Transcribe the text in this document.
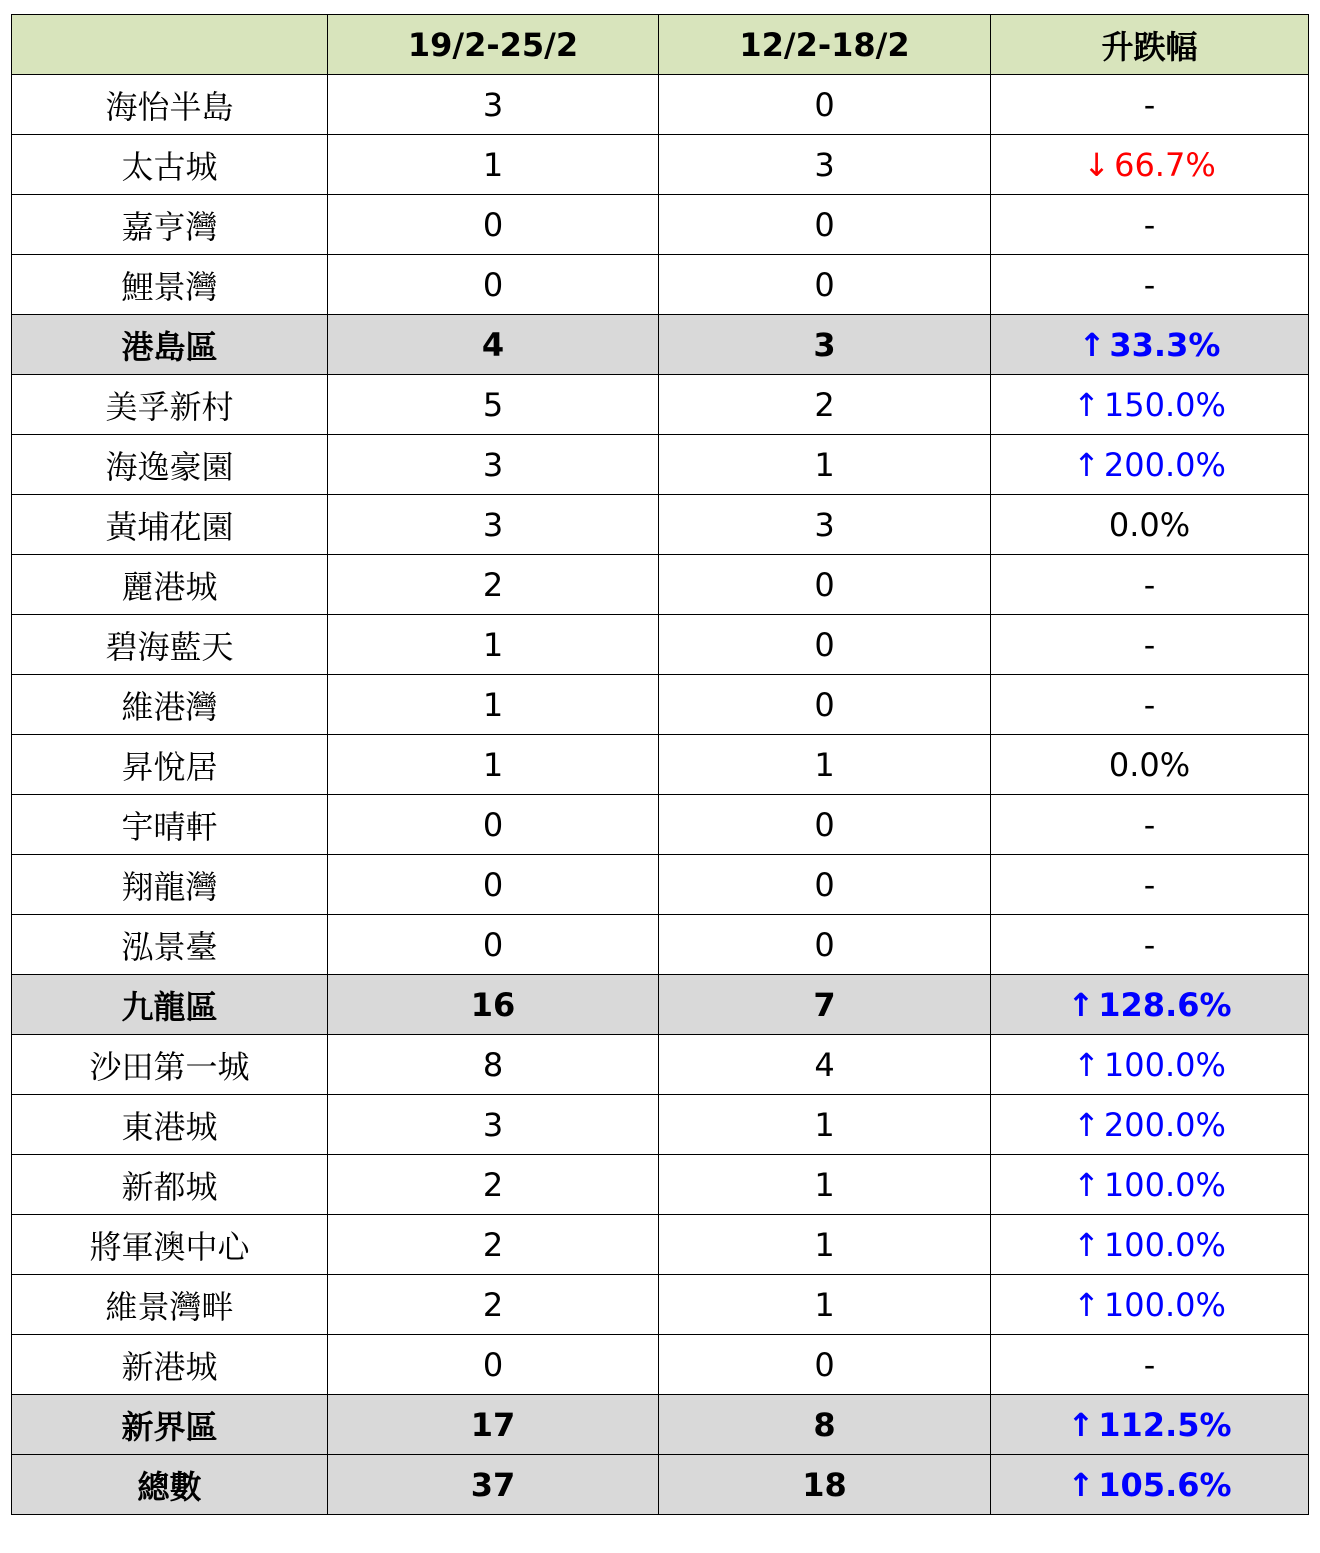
	19/2-25/2	12/2-18/2	升跌幅
海怡半島	3	0	-
太古城	1	3	↓ 66.7%
嘉亨灣	0	0	-
鯉景灣	0	0	-
港島區	4	3	↑ 33.3%
美孚新村	5	2	↑ 150.0%
海逸豪園	3	1	↑ 200.0%
黃埔花園	3	3	0.0%
麗港城	2	0	-
碧海藍天	1	0	-
維港灣	1	0	-
昇悅居	1	1	0.0%
宇晴軒	0	0	-
翔龍灣	0	0	-
泓景臺	0	0	-
九龍區	16	7	↑ 128.6%
沙田第一城	8	4	↑ 100.0%
東港城	3	1	↑ 200.0%
新都城	2	1	↑ 100.0%
將軍澳中心	2	1	↑ 100.0%
維景灣畔	2	1	↑ 100.0%
新港城	0	0	-
新界區	17	8	↑ 112.5%
總數	37	18	↑ 105.6%
